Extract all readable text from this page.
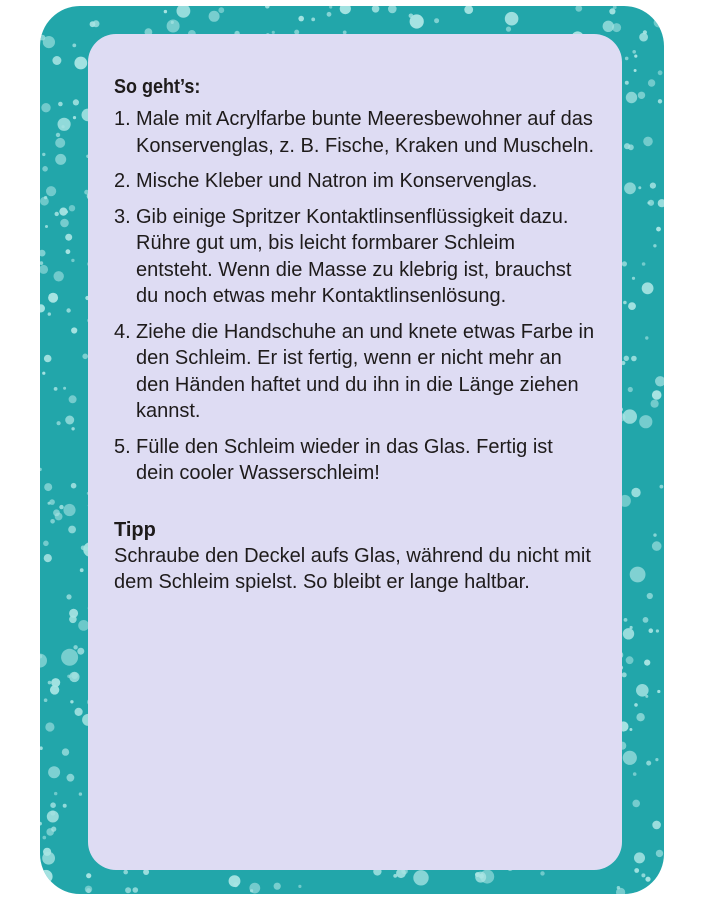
So geht’s:
1. Male mit Acrylfarbe bunte Meeresbewohner auf das Konservenglas, z. B. Fische, Kraken und Muscheln.
2. Mische Kleber und Natron im Konservenglas.
3. Gib einige Spritzer Kontaktlinsenflüssigkeit dazu. Rühre gut um, bis leicht formbarer Schleim entsteht. Wenn die Masse zu klebrig ist, brauchst du noch etwas mehr Kontaktlinsenlösung.
4. Ziehe die Handschuhe an und knete etwas Farbe in den Schleim. Er ist fertig, wenn er nicht mehr an den Händen haftet und du ihn in die Länge ziehen kannst.
5. Fülle den Schleim wieder in das Glas. Fertig ist dein cooler Wasserschleim!
Tipp
Schraube den Deckel aufs Glas, während du nicht mit dem Schleim spielst. So bleibt er lange haltbar.
